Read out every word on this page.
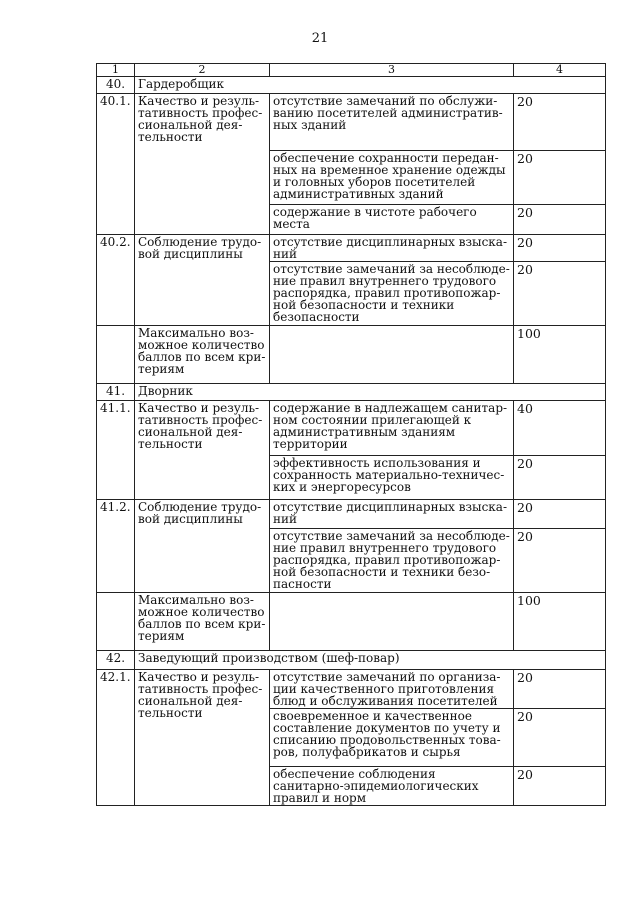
21
1	2	3	4
40.	Гардеробщик		
40.1.	Качество и резуль-тативность профес-сиональной дея-тельности	отсутствие замечаний по обслужи-ванию посетителей административ-ных зданий	20
		обеспечение сохранности передан-ных на временное хранение одежды и головных уборов посетителей административных зданий	20
		содержание в чистоте рабочего места	20
40.2.	Соблюдение трудо-вой дисциплины	отсутствие дисциплинарных взыска-ний	20
		отсутствие замечаний за несоблюде-ние правил внутреннего трудового распорядка, правил противопожар-ной безопасности и техники безопасности	20
	Максимально воз-можное количество баллов по всем кри-териям		100
41.	Дворник		
41.1.	Качество и резуль-тативность профес-сиональной дея-тельности	содержание в надлежащем санитар-ном состоянии прилегающей к административным зданиям территории	40
		эффективность использования и сохранность материально-техничес-ких и энергоресурсов	20
41.2.	Соблюдение трудо-вой дисциплины	отсутствие дисциплинарных взыска-ний	20
		отсутствие замечаний за несоблюде-ние правил внутреннего трудового распорядка, правил противопожар-ной безопасности и техники безо-пасности	20
	Максимально воз-можное количество баллов по всем кри-териям		100
42.	Заведующий производством (шеф-повар)		
42.1.	Качество и резуль-тативность профес-сиональной дея-тельности	отсутствие замечаний по организа-ции качественного приготовления блюд и обслуживания посетителей	20
		своевременное и качественное составление документов по учету и списанию продовольственных това-ров, полуфабрикатов и сырья	20
		обеспечение соблюдения санитарно-эпидемиологических правил и норм	20
